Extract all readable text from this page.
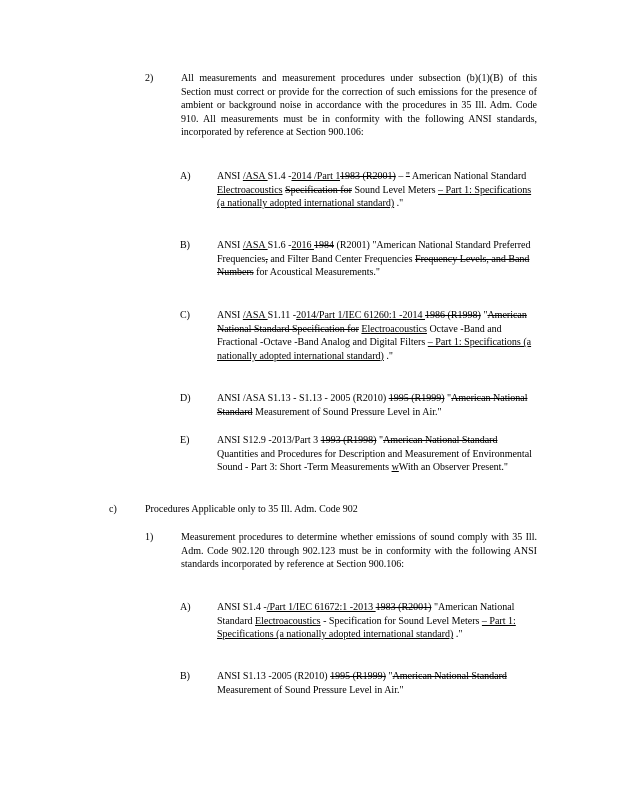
2)	All measurements and measurement procedures under subsection (b)(1)(B) of this Section must correct or provide for the correction of such emissions for the presence of ambient or background noise in accordance with the procedures in 35 Ill. Adm. Code 910. All measurements must be in conformity with the following ANSI standards, incorporated by reference at Section 900.106:

A)	ANSI /ASA S1.4 -2014 /Part 11983 (R2001) – " American National Standard Electroacoustics Specification for Sound Level Meters – Part 1: Specifications (a nationally adopted international standard) ."

B)	ANSI /ASA S1.6 -2016 1984 (R2001) "American National Standard Preferred Frequencies, and Filter Band Center Frequencies Frequency Levels, and Band Numbers for Acoustical Measurements."

C)	ANSI /ASA S1.11 -2014/Part 1/IEC 61260:1 -2014 1986 (R1998) "American National Standard Specification for Electroacoustics Octave -Band and Fractional -Octave -Band Analog and Digital Filters – Part 1: Specifications (a nationally adopted international standard) ."

D)	ANSI /ASA S1.13 - S1.13 - 2005 (R2010) 1995 (R1999) "American National Standard Measurement of Sound Pressure Level in Air."

E)	ANSI S12.9 -2013/Part 3 1993 (R1998) "American National Standard Quantities and Procedures for Description and Measurement of Environmental Sound - Part 3: Short -Term Measurements wWith an Observer Present."

c)	Procedures Applicable only to 35 Ill. Adm. Code 902

1)	Measurement procedures to determine whether emissions of sound comply with 35 Ill. Adm. Code 902.120 through 902.123 must be in conformity with the following ANSI standards incorporated by reference at Section 900.106:

A)	ANSI S1.4 -/Part 1/IEC 61672:1 -2013 1983 (R2001) "American National Standard Electroacoustics - Specification for Sound Level Meters – Part 1: Specifications (a nationally adopted international standard) ."

B)	ANSI S1.13 -2005 (R2010) 1995 (R1999) "American National Standard Measurement of Sound Pressure Level in Air."
